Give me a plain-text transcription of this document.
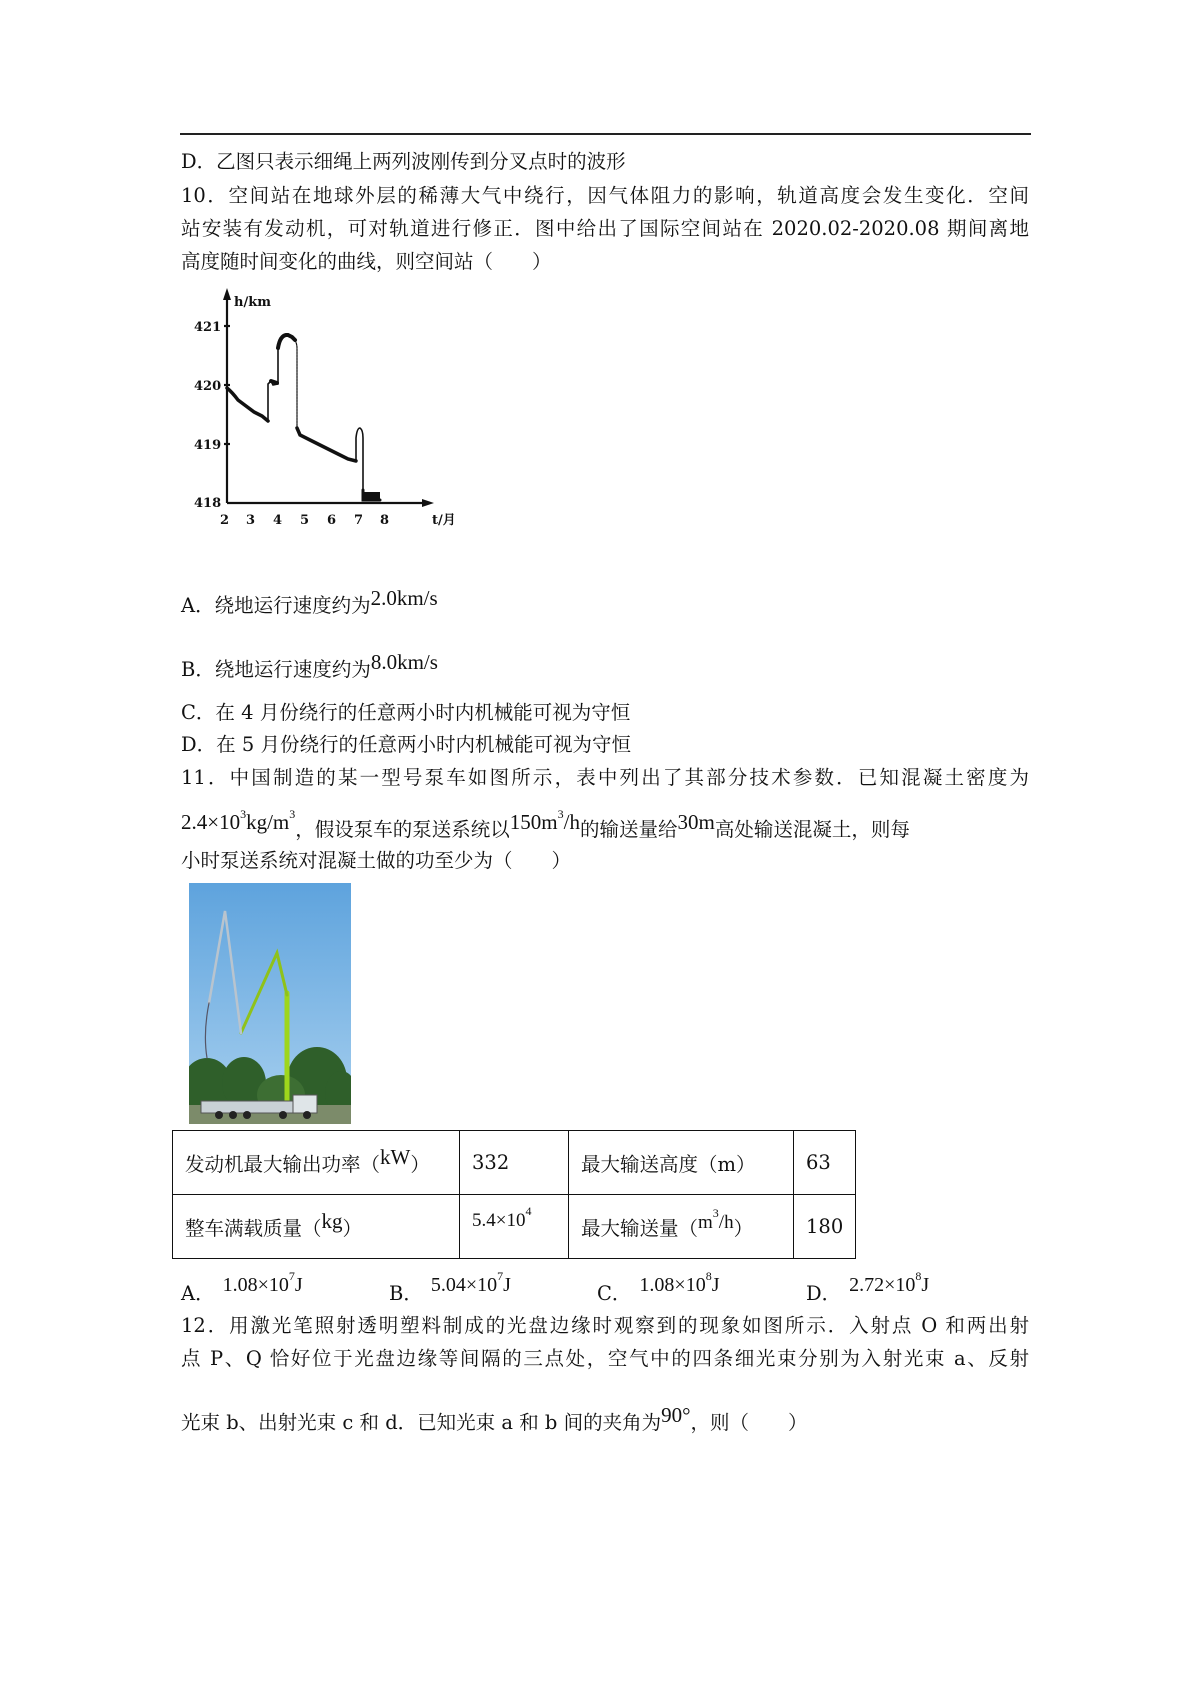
D．乙图只表示细绳上两列波刚传到分叉点时的波形
10．空间站在地球外层的稀薄大气中绕行，因气体阻力的影响，轨道高度会发生变化．空间
站安装有发动机，可对轨道进行修正．图中给出了国际空间站在 2020.02-2020.08 期间离地
高度随时间变化的曲线，则空间站（　　）
h/km
421
420
419
418
2 3 4 5 6 7 8	t/月
A．绕地运行速度约为2.0km/s
B．绕地运行速度约为8.0km/s
C．在 4 月份绕行的任意两小时内机械能可视为守恒
D．在 5 月份绕行的任意两小时内机械能可视为守恒
11．中国制造的某一型号泵车如图所示，表中列出了其部分技术参数．已知混凝土密度为
$2.4\times 10^3kg/m^3$，假设泵车的泵送系统以$150m^3/h$的输送量给30m高处输送混凝土，则每
小时泵送系统对混凝土做的功至少为（　　）
发动机最大输出功率（kW）	332	最大输送高度（m）	63
整车满载质量（kg）	$5.4\times 10^4$	最大输送量$(m^3/h)$	180
A． $1.08\times 10^7J$	B． $5.04\times 10^7J$	C． $1.08\times 10^8J$	D． $2.72\times 10^8J$
12．用激光笔照射透明塑料制成的光盘边缘时观察到的现象如图所示．入射点 O 和两出射
点 P、Q 恰好位于光盘边缘等间隔的三点处，空气中的四条细光束分别为入射光束 a、反射
光束 b、出射光束 c 和 d．已知光束 a 和 b 间的夹角为90°，则（　　）
